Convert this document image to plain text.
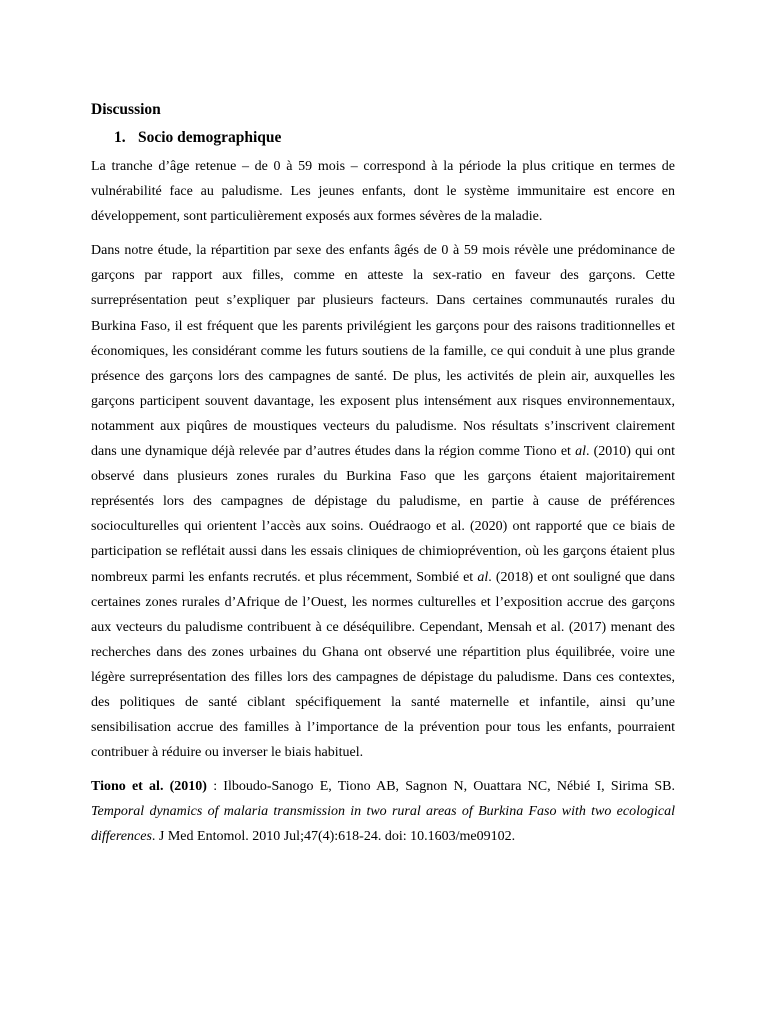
Discussion
1. Socio demographique

La tranche d’âge retenue – de 0 à 59 mois – correspond à la période la plus critique en termes de vulnérabilité face au paludisme. Les jeunes enfants, dont le système immunitaire est encore en développement, sont particulièrement exposés aux formes sévères de la maladie.

Dans notre étude, la répartition par sexe des enfants âgés de 0 à 59 mois révèle une prédominance de garçons par rapport aux filles, comme en atteste la sex-ratio en faveur des garçons. Cette surreprésentation peut s’expliquer par plusieurs facteurs. Dans certaines communautés rurales du Burkina Faso, il est fréquent que les parents privilégient les garçons pour des raisons traditionnelles et économiques, les considérant comme les futurs soutiens de la famille, ce qui conduit à une plus grande présence des garçons lors des campagnes de santé. De plus, les activités de plein air, auxquelles les garçons participent souvent davantage, les exposent plus intensément aux risques environnementaux, notamment aux piqûres de moustiques vecteurs du paludisme. Nos résultats s’inscrivent clairement dans une dynamique déjà relevée par d’autres études dans la région comme Tiono et al. (2010) qui ont observé dans plusieurs zones rurales du Burkina Faso que les garçons étaient majoritairement représentés lors des campagnes de dépistage du paludisme, en partie à cause de préférences socioculturelles qui orientent l’accès aux soins. Ouédraogo et al. (2020) ont rapporté que ce biais de participation se reflétait aussi dans les essais cliniques de chimioprévention, où les garçons étaient plus nombreux parmi les enfants recrutés. et plus récemment, Sombié et al. (2018) et ont souligné que dans certaines zones rurales d’Afrique de l’Ouest, les normes culturelles et l’exposition accrue des garçons aux vecteurs du paludisme contribuent à ce déséquilibre. Cependant, Mensah et al. (2017) menant des recherches dans des zones urbaines du Ghana ont observé une répartition plus équilibrée, voire une légère surreprésentation des filles lors des campagnes de dépistage du paludisme. Dans ces contextes, des politiques de santé ciblant spécifiquement la santé maternelle et infantile, ainsi qu’une sensibilisation accrue des familles à l’importance de la prévention pour tous les enfants, pourraient contribuer à réduire ou inverser le biais habituel.

Tiono et al. (2010) : Ilboudo-Sanogo E, Tiono AB, Sagnon N, Ouattara NC, Nébié I, Sirima SB. Temporal dynamics of malaria transmission in two rural areas of Burkina Faso with two ecological differences. J Med Entomol. 2010 Jul;47(4):618-24. doi: 10.1603/me09102.
